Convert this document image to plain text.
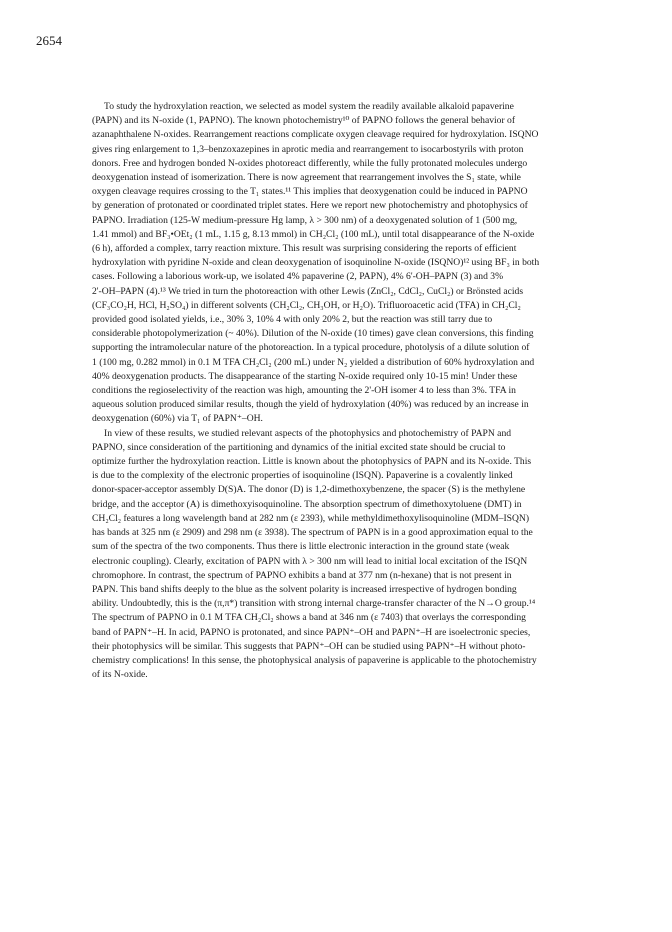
2654
To study the hydroxylation reaction, we selected as model system the readily available alkaloid papaverine
(PAPN) and its N-oxide (1, PAPNO). The known photochemistry¹⁰ of PAPNO follows the general behavior of
azanaphthalene N-oxides. Rearrangement reactions complicate oxygen cleavage required for hydroxylation. ISQNO
gives ring enlargement to 1,3–benzoxazepines in aprotic media and rearrangement to isocarbostyrils with proton
donors. Free and hydrogen bonded N-oxides photoreact differently, while the fully protonated molecules undergo
deoxygenation instead of isomerization. There is now agreement that rearrangement involves the S₁ state, while
oxygen cleavage requires crossing to the T₁ states.¹¹ This implies that deoxygenation could be induced in PAPNO
by generation of protonated or coordinated triplet states. Here we report new photochemistry and photophysics of
PAPNO. Irradiation (125-W medium-pressure Hg lamp, λ > 300 nm) of a deoxygenated solution of 1 (500 mg,
1.41 mmol) and BF₃•OEt₂ (1 mL, 1.15 g, 8.13 mmol) in CH₂Cl₂ (100 mL), until total disappearance of the N-oxide
(6 h), afforded a complex, tarry reaction mixture. This result was surprising considering the reports of efficient
hydroxylation with pyridine N-oxide and clean deoxygenation of isoquinoline N-oxide (ISQNO)¹² using BF₃ in both
cases. Following a laborious work-up, we isolated 4% papaverine (2, PAPN), 4% 6'-OH–PAPN (3) and 3%
2'-OH–PAPN (4).¹³ We tried in turn the photoreaction with other Lewis (ZnCl₂, CdCl₂, CuCl₂) or Brönsted acids
(CF₃CO₂H, HCl, H₂SO₄) in different solvents (CH₂Cl₂, CH₃OH, or H₂O). Trifluoroacetic acid (TFA) in CH₂Cl₂
provided good isolated yields, i.e., 30% 3, 10% 4 with only 20% 2, but the reaction was still tarry due to
considerable photopolymerization (~ 40%). Dilution of the N-oxide (10 times) gave clean conversions, this finding
supporting the intramolecular nature of the photoreaction. In a typical procedure, photolysis of a dilute solution of
1 (100 mg, 0.282 mmol) in 0.1 M TFA CH₂Cl₂ (200 mL) under N₂ yielded a distribution of 60% hydroxylation and
40% deoxygenation products. The disappearance of the starting N-oxide required only 10-15 min! Under these
conditions the regioselectivity of the reaction was high, amounting the 2'-OH isomer 4 to less than 3%. TFA in
aqueous solution produced similar results, though the yield of hydroxylation (40%) was reduced by an increase in
deoxygenation (60%) via T₁ of PAPN⁺–OH.
In view of these results, we studied relevant aspects of the photophysics and photochemistry of PAPN and
PAPNO, since consideration of the partitioning and dynamics of the initial excited state should be crucial to
optimize further the hydroxylation reaction. Little is known about the photophysics of PAPN and its N-oxide. This
is due to the complexity of the electronic properties of isoquinoline (ISQN). Papaverine is a covalently linked
donor-spacer-acceptor assembly D(S)A. The donor (D) is 1,2-dimethoxybenzene, the spacer (S) is the methylene
bridge, and the acceptor (A) is dimethoxyisoquinoline. The absorption spectrum of dimethoxytoluene (DMT) in
CH₂Cl₂ features a long wavelength band at 282 nm (ε 2393), while methyldimethoxylisoquinoline (MDM–ISQN)
has bands at 325 nm (ε 2909) and 298 nm (ε 3938). The spectrum of PAPN is in a good approximation equal to the
sum of the spectra of the two components. Thus there is little electronic interaction in the ground state (weak
electronic coupling). Clearly, excitation of PAPN with λ > 300 nm will lead to initial local excitation of the ISQN
chromophore. In contrast, the spectrum of PAPNO exhibits a band at 377 nm (n-hexane) that is not present in
PAPN. This band shifts deeply to the blue as the solvent polarity is increased irrespective of hydrogen bonding
ability. Undoubtedly, this is the (π,π*) transition with strong internal charge-transfer character of the N→O group.¹⁴
The spectrum of PAPNO in 0.1 M TFA CH₂Cl₂ shows a band at 346 nm (ε 7403) that overlays the corresponding
band of PAPN⁺–H. In acid, PAPNO is protonated, and since PAPN⁺–OH and PAPN⁺–H are isoelectronic species,
their photophysics will be similar. This suggests that PAPN⁺–OH can be studied using PAPN⁺–H without photo-
chemistry complications! In this sense, the photophysical analysis of papaverine is applicable to the photochemistry
of its N-oxide.
